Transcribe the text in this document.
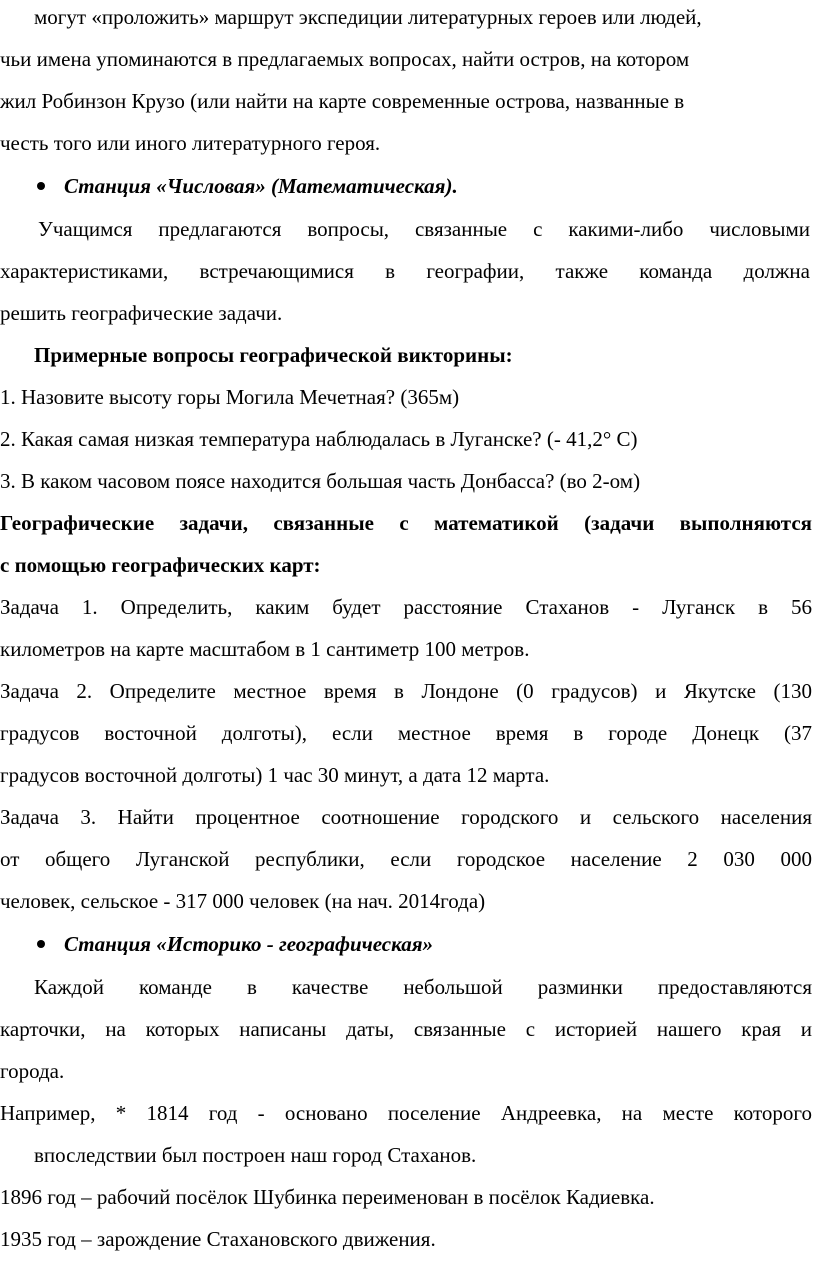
могут «проложить» маршрут экспедиции литературных героев или людей,
чьи имена упоминаются в предлагаемых вопросах, найти остров, на котором
жил Робинзон Крузо (или найти на карте современные острова, названные в
честь того или иного литературного героя.
Станция «Числовая» (Математическая).
Учащимся предлагаются вопросы, связанные с какими-либо числовыми
характеристиками, встречающимися в географии, также команда должна
решить географические задачи.
Примерные вопросы географической викторины:
1. Назовите высоту горы Могила Мечетная? (365м)
2. Какая самая низкая температура наблюдалась в Луганске? (- 41,2° С)
3. В каком часовом поясе находится большая часть Донбасса? (во 2-ом)
Географические задачи, связанные с математикой (задачи выполняются
с помощью географических карт:
Задача 1. Определить, каким будет расстояние Стаханов - Луганск в 56
километров на карте масштабом в 1 сантиметр 100 метров.
Задача 2. Определите местное время в Лондоне (0 градусов) и Якутске (130
градусов восточной долготы), если местное время в городе Донецк (37
градусов восточной долготы) 1 час 30 минут, а дата 12 марта.
Задача 3. Найти процентное соотношение городского и сельского населения
от общего Луганской республики, если городское население 2 030 000
человек, сельское - 317 000 человек (на нач. 2014года)
Станция «Историко - географическая»
Каждой команде в качестве небольшой разминки предоставляются
карточки, на которых написаны даты, связанные с историей нашего края и
города.
Например, * 1814 год - основано поселение Андреевка, на месте которого
впоследствии был построен наш город Стаханов.
1896 год – рабочий посёлок Шубинка переименован в посёлок Кадиевка.
1935 год – зарождение Стахановского движения.
